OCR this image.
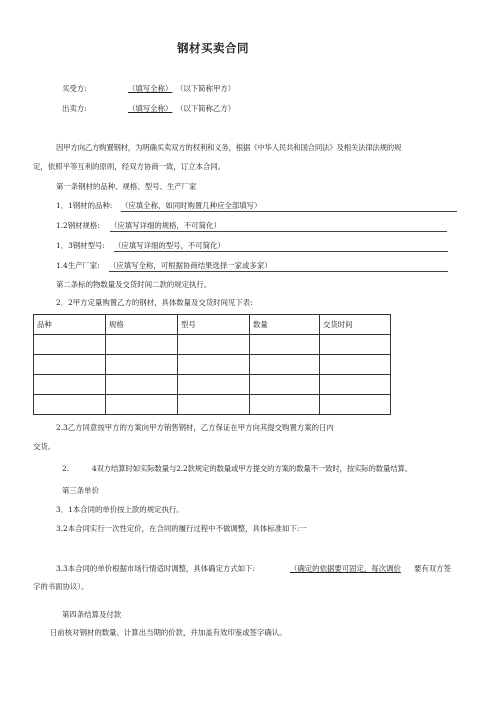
钢材买卖合同
买受方:	（填写全称） （以下简称甲方）
出卖方:	（填写全称） （以下简称乙方）
因甲方向乙方购置钢材，为明确买卖双方的权利和义务，根据《中华人民共和国合同法》及相关法律法规的规
定，依照平等互利的原则，经双方协商一致，订立本合同。
第一条钢材的品种、规格、型号、生产厂家
1．1钢材的品种: （应填全称，如同时购置几种应全部填写）
1.2钢材规格: （应填写详细的规格，不可简化）
1．3钢材型号: （应填写详细的型号，不可简化）
1.4生产厂家: （应填写全称，可根据协商结果选择一家或多家）
第二条标的物数量及交货时间二款的规定执行。
2．2甲方定量购置乙方的钢材，具体数量及交货时间见下表:
品种	规格	型号	数量	交货时间

2.3乙方同意按甲方的方案向甲方销售钢材，乙方保证在甲方向其提交购置方案的日内
交货。
2.	4双方结算时如实际数量与2.2款规定的数量或甲方提交的方案的数量不一致时，按实际的数量结算。
第三条单价
3．1本合同的单价按上款的规定执行。
3.2本合同实行一次性定价，在合同的履行过程中不做调整，具体标准如下:一
3.3本合同的单价根据市场行情适时调整，具体确定方式如下:	（确定的依据要可固定，每次调价 要有双方签
字的书面协议）。
第四条结算及付款
日前核对钢材的数量、计算出当期的价款，并加盖有效印鉴或签字确认。
